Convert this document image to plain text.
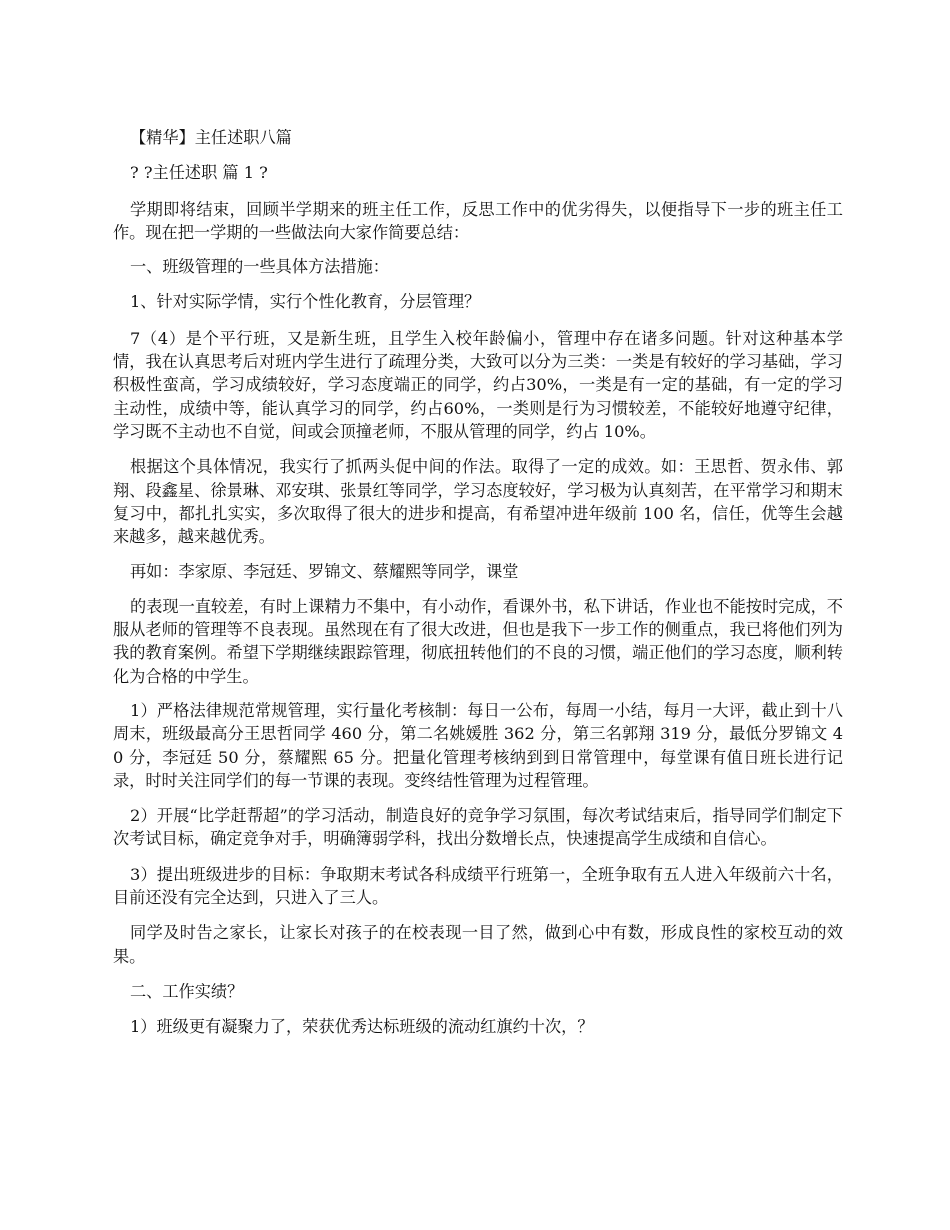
【精华】主任述职八篇

? ?主任述职 篇 1 ?

学期即将结束，回顾半学期来的班主任工作，反思工作中的优劣得失，以便指导下一步的班主任工作。现在把一学期的一些做法向大家作简要总结：

一、班级管理的一些具体方法措施：

1、针对实际学情，实行个性化教育，分层管理？

7（4）是个平行班，又是新生班，且学生入校年龄偏小，管理中存在诸多问题。针对这种基本学情，我在认真思考后对班内学生进行了疏理分类，大致可以分为三类：一类是有较好的学习基础，学习积极性蛮高，学习成绩较好，学习态度端正的同学，约占30%，一类是有一定的基础，有一定的学习主动性，成绩中等，能认真学习的同学，约占60%，一类则是行为习惯较差，不能较好地遵守纪律，学习既不主动也不自觉，间或会顶撞老师，不服从管理的同学，约占 10%。

根据这个具体情况，我实行了抓两头促中间的作法。取得了一定的成效。如：王思哲、贺永伟、郭翔、段鑫星、徐景琳、邓安琪、张景红等同学，学习态度较好，学习极为认真刻苦，在平常学习和期末复习中，都扎扎实实，多次取得了很大的进步和提高，有希望冲进年级前 100 名，信任，优等生会越来越多，越来越优秀。

再如：李家原、李冠廷、罗锦文、蔡耀熙等同学，课堂

的表现一直较差，有时上课精力不集中，有小动作，看课外书，私下讲话，作业也不能按时完成，不服从老师的管理等不良表现。虽然现在有了很大改进，但也是我下一步工作的侧重点，我已将他们列为我的教育案例。希望下学期继续跟踪管理，彻底扭转他们的不良的习惯，端正他们的学习态度，顺利转化为合格的中学生。

1）严格法律规范常规管理，实行量化考核制：每日一公布，每周一小结，每月一大评，截止到十八周末，班级最高分王思哲同学 460 分，第二名姚媛胜 362 分，第三名郭翔 319 分，最低分罗锦文 40 分，李冠廷 50 分，蔡耀熙 65 分。把量化管理考核纳到到日常管理中，每堂课有值日班长进行记录，时时关注同学们的每一节课的表现。变终结性管理为过程管理。

2）开展“比学赶帮超”的学习活动，制造良好的竞争学习氛围，每次考试结束后，指导同学们制定下次考试目标，确定竞争对手，明确簿弱学科，找出分数增长点，快速提高学生成绩和自信心。

3）提出班级进步的目标：争取期末考试各科成绩平行班第一，全班争取有五人进入年级前六十名，目前还没有完全达到，只进入了三人。

同学及时告之家长，让家长对孩子的在校表现一目了然，做到心中有数，形成良性的家校互动的效果。

二、工作实绩？

1）班级更有凝聚力了，荣获优秀达标班级的流动红旗约十次，？
